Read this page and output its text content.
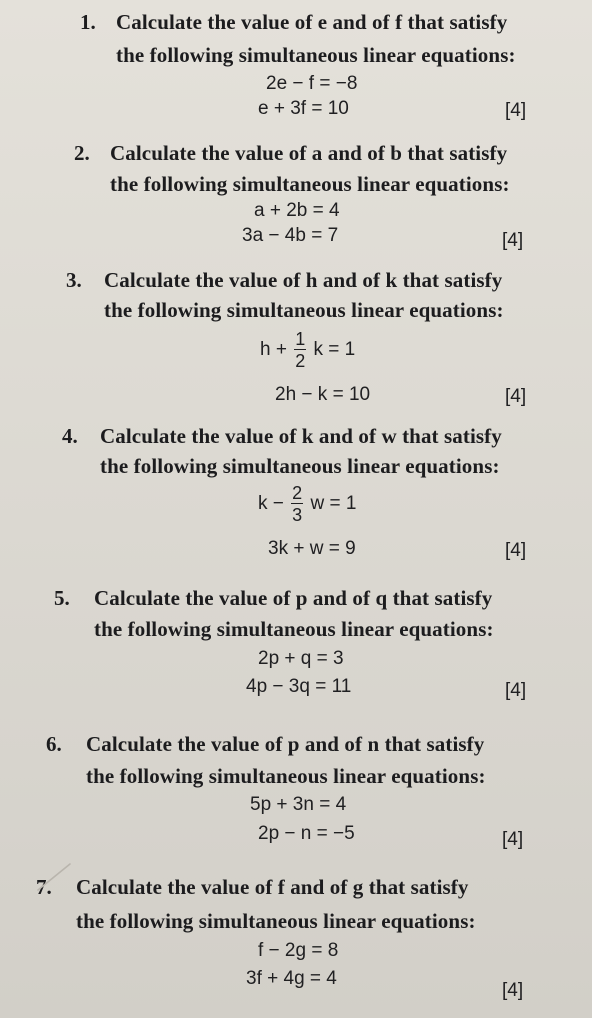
1. Calculate the value of e and of f that satisfy
the following simultaneous linear equations:
2e − f = −8
e + 3f = 10	[4]
2. Calculate the value of a and of b that satisfy
the following simultaneous linear equations:
a + 2b = 4
3a − 4b = 7	[4]
3. Calculate the value of h and of k that satisfy
the following simultaneous linear equations:
$h + \frac{1}{2}$ k = 1
2h − k = 10	[4]
4. Calculate the value of k and of w that satisfy
the following simultaneous linear equations:
$k - \frac{2}{3}$ w = 1
3k + w = 9	[4]
5. Calculate the value of p and of q that satisfy
the following simultaneous linear equations:
2p + q = 3
4p − 3q = 11	[4]
6. Calculate the value of p and of n that satisfy
the following simultaneous linear equations:
5p + 3n = 4
2p − n = −5	[4]
7. Calculate the value of f and of g that satisfy
the following simultaneous linear equations:
f − 2g = 8
3f + 4g = 4
[4]
